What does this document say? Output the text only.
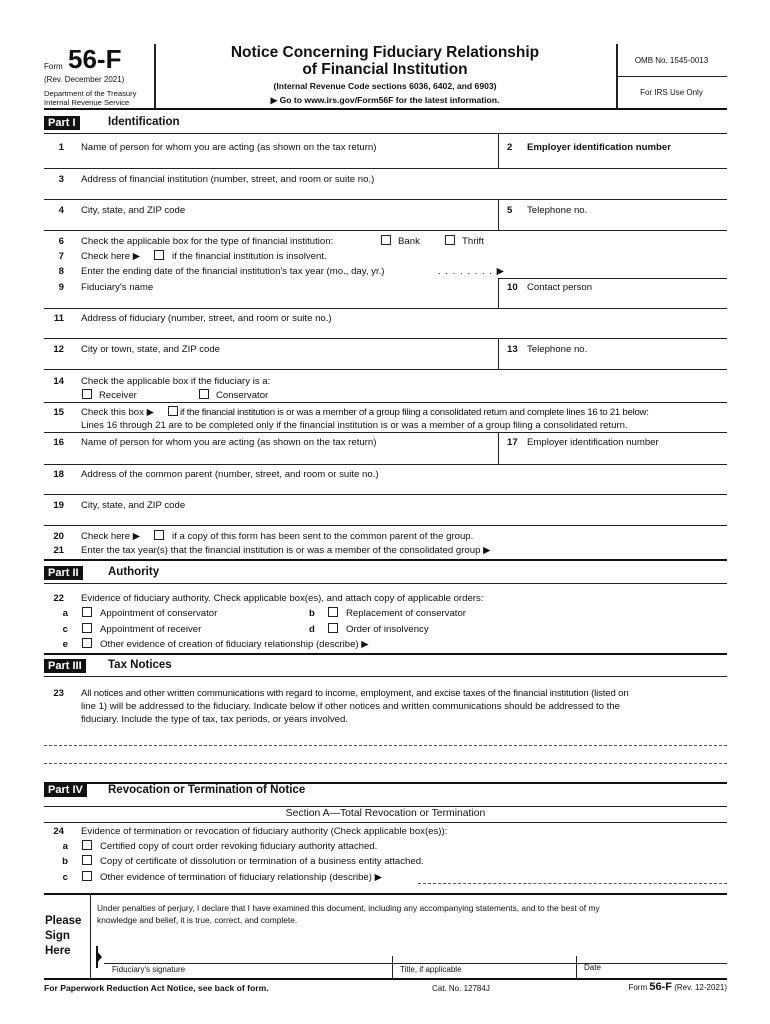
Form 56-F
(Rev. December 2021)
Department of the Treasury
Internal Revenue Service
Notice Concerning Fiduciary Relationship
of Financial Institution
(Internal Revenue Code sections 6036, 6402, and 6903)
▶ Go to www.irs.gov/Form56F for the latest information.
OMB No. 1545-0013
For IRS Use Only
Part I	Identification
1 Name of person for whom you are acting (as shown on the tax return)	2 Employer identification number
3 Address of financial institution (number, street, and room or suite no.)
4 City, state, and ZIP code	5 Telephone no.
6 Check the applicable box for the type of financial institution:	Bank	Thrift
7 Check here ▶	if the financial institution is insolvent.
8 Enter the ending date of the financial institution's tax year (mo., day, yr.)	. . . . . . . . ▶
9 Fiduciary's name	10 Contact person
11 Address of fiduciary (number, street, and room or suite no.)
12 City or town, state, and ZIP code	13 Telephone no.
14 Check the applicable box if the fiduciary is a:
Receiver	Conservator
15 Check this box ▶	if the financial institution is or was a member of a group filing a consolidated return and complete lines 16 to 21 below:
Lines 16 through 21 are to be completed only if the financial institution is or was a member of a group filing a consolidated return.
16 Name of person for whom you are acting (as shown on the tax return)	17 Employer identification number
18 Address of the common parent (number, street, and room or suite no.)
19 City, state, and ZIP code
20 Check here ▶	if a copy of this form has been sent to the common parent of the group.
21 Enter the tax year(s) that the financial institution is or was a member of the consolidated group ▶
Part II	Authority
22 Evidence of fiduciary authority. Check applicable box(es), and attach copy of applicable orders:
a	Appointment of conservator	b	Replacement of conservator
c	Appointment of receiver	d	Order of insolvency
e	Other evidence of creation of fiduciary relationship (describe) ▶
Part III	Tax Notices
23 All notices and other written communications with regard to income, employment, and excise taxes of the financial institution (listed on
line 1) will be addressed to the fiduciary. Indicate below if other notices and written communications should be addressed to the
fiduciary. Include the type of tax, tax periods, or years involved.
Part IV	Revocation or Termination of Notice
Section A—Total Revocation or Termination
24 Evidence of termination or revocation of fiduciary authority (Check applicable box(es)):
a	Certified copy of court order revoking fiduciary authority attached.
b	Copy of certificate of dissolution or termination of a business entity attached.
c	Other evidence of termination of fiduciary relationship (describe) ▶
Please
Sign
Here
Under penalties of perjury, I declare that I have examined this document, including any accompanying statements, and to the best of my
knowledge and belief, it is true, correct, and complete.
Fiduciary's signature	Title, if applicable	Date
For Paperwork Reduction Act Notice, see back of form.	Cat. No. 12784J	Form 56-F (Rev. 12-2021)
